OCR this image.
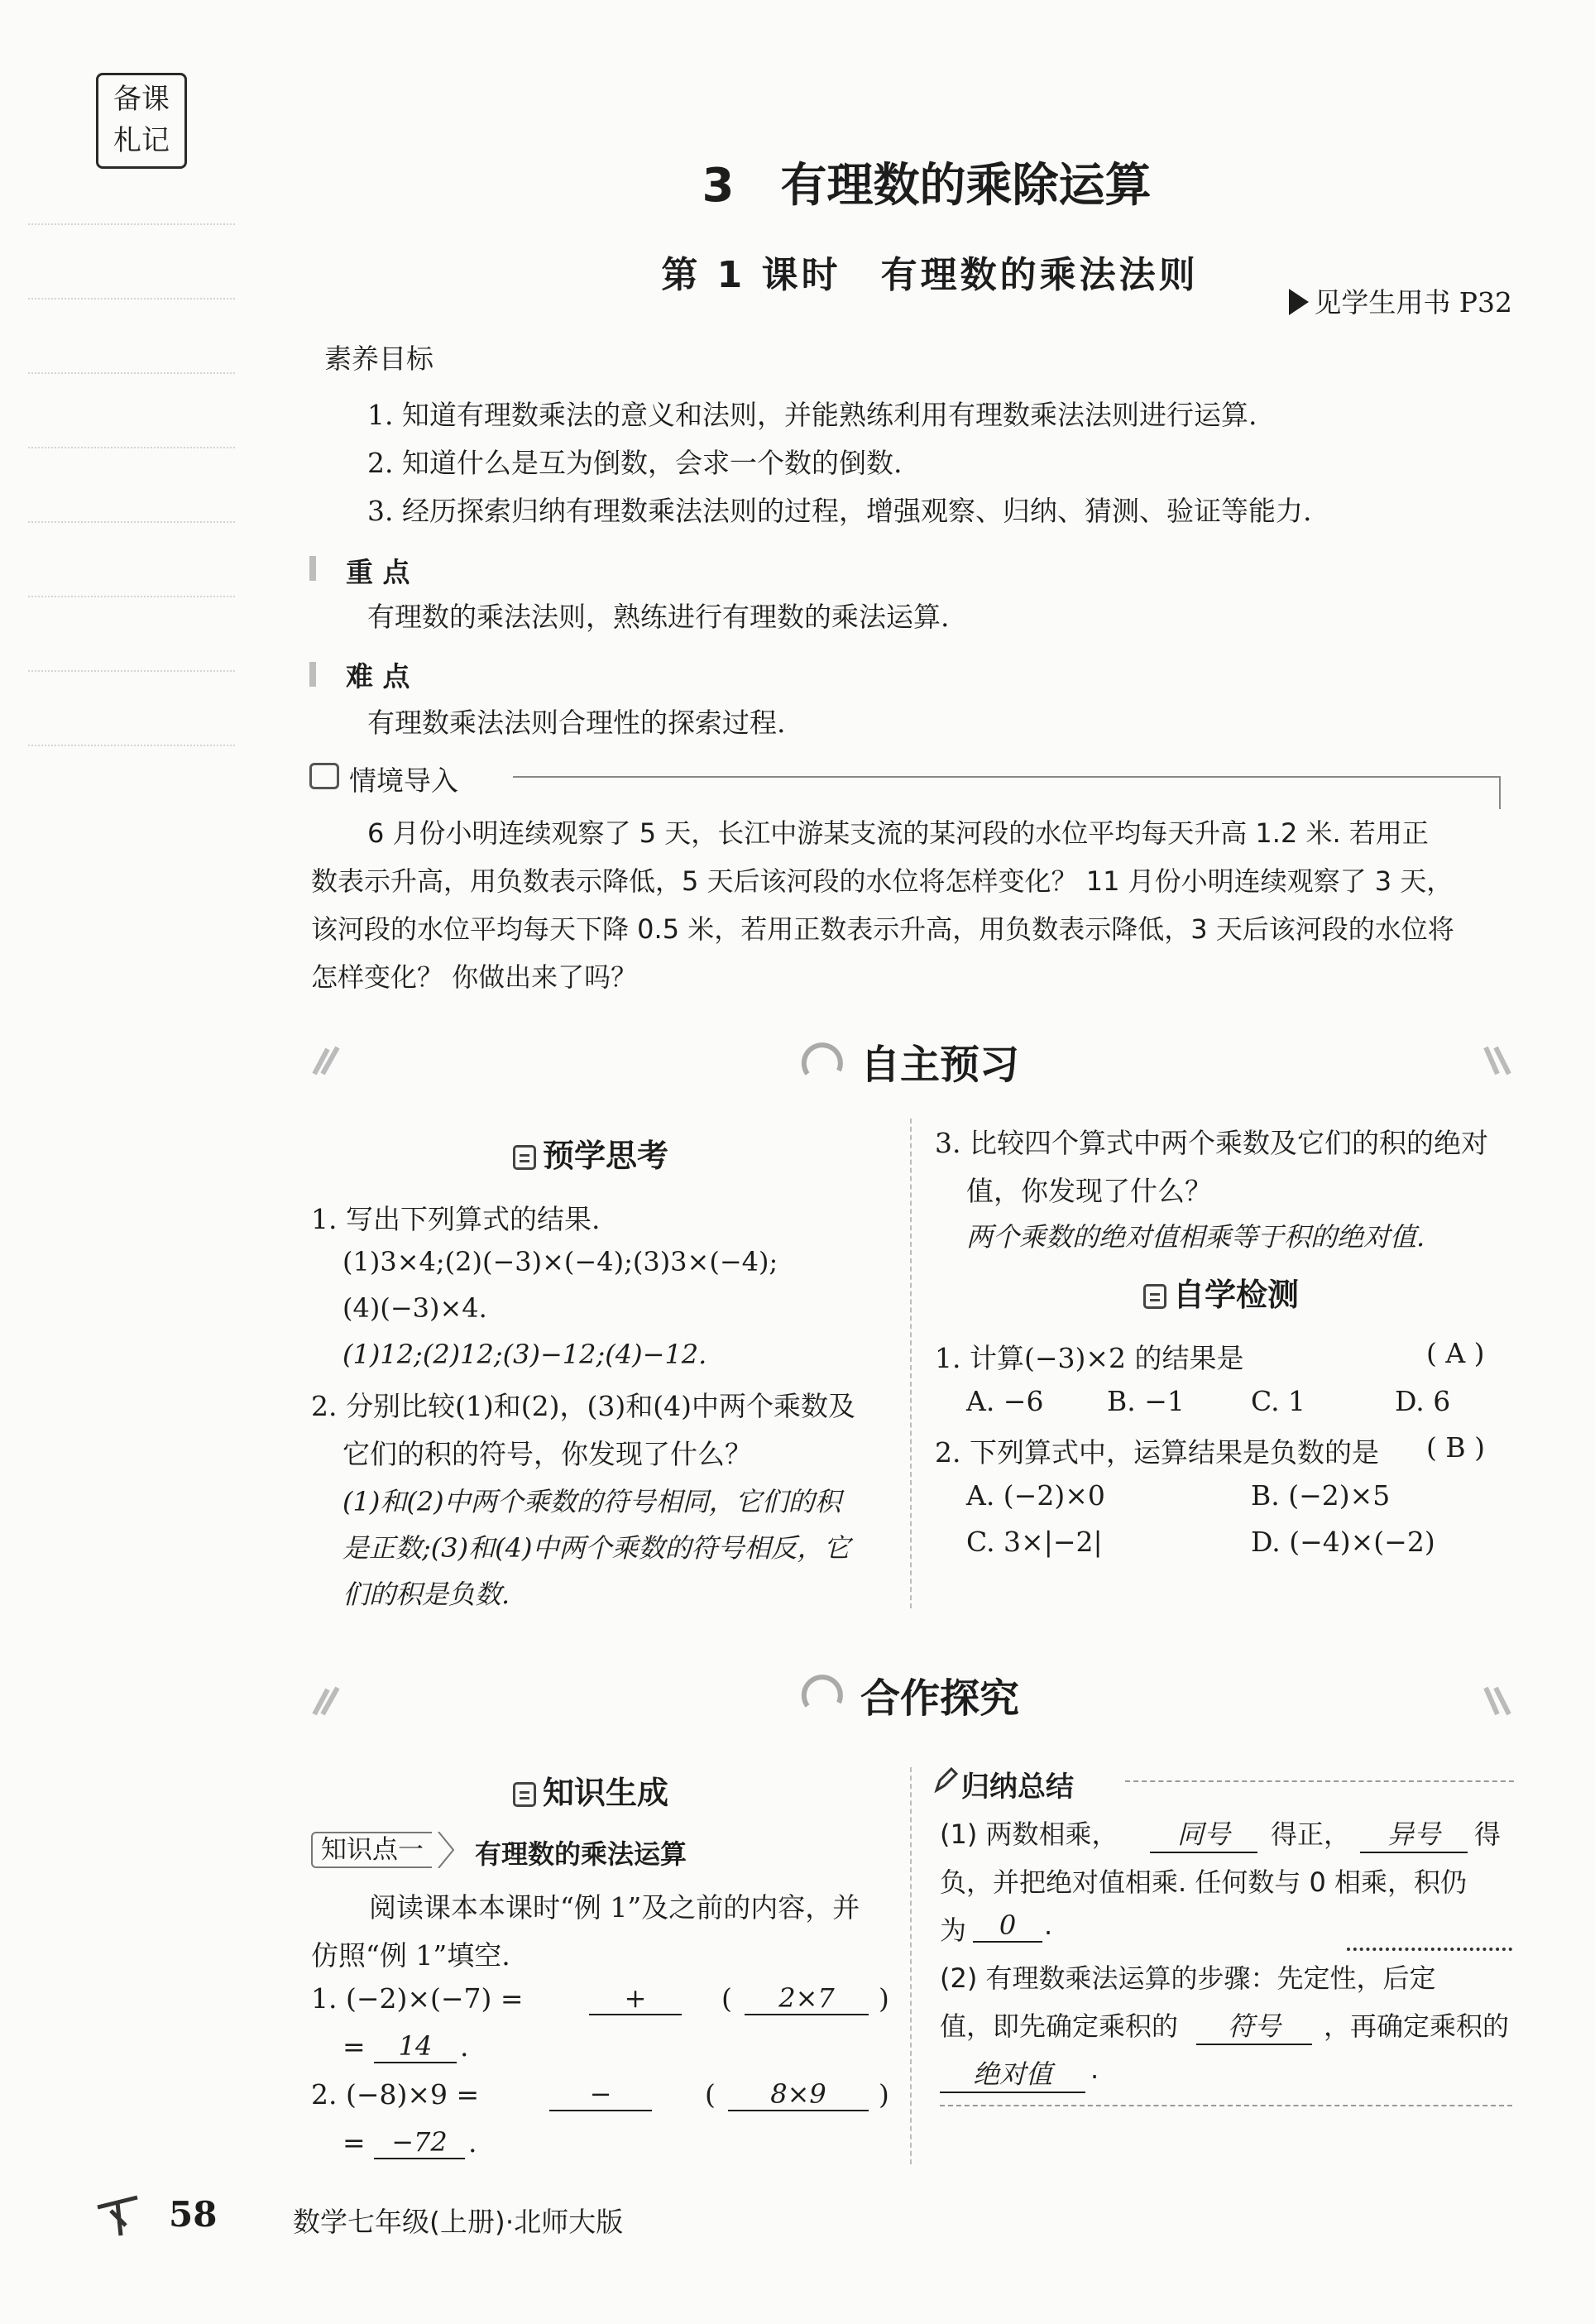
备课
札记
3　有理数的乘除运算
第 1 课时　有理数的乘法法则
见学生用书 P32
素养目标
1. 知道有理数乘法的意义和法则，并能熟练利用有理数乘法法则进行运算.
2. 知道什么是互为倒数，会求一个数的倒数.
3. 经历探索归纳有理数乘法法则的过程，增强观察、归纳、猜测、验证等能力.
重 点
有理数的乘法法则，熟练进行有理数的乘法运算.
难 点
有理数乘法法则合理性的探索过程.
情境导入
6 月份小明连续观察了 5 天，长江中游某支流的某河段的水位平均每天升高 1.2 米. 若用正
数表示升高，用负数表示降低，5 天后该河段的水位将怎样变化？ 11 月份小明连续观察了 3 天，
该河段的水位平均每天下降 0.5 米，若用正数表示升高，用负数表示降低，3 天后该河段的水位将
怎样变化？ 你做出来了吗？
自主预习
预学思考
1. 写出下列算式的结果.
(1)3×4;(2)(−3)×(−4);(3)3×(−4);
(4)(−3)×4.
(1)12;(2)12;(3)−12;(4)−12.
2. 分别比较(1)和(2)，(3)和(4)中两个乘数及
它们的积的符号，你发现了什么？
(1)和(2)中两个乘数的符号相同，它们的积
是正数;(3)和(4)中两个乘数的符号相反，它
们的积是负数.
3. 比较四个算式中两个乘数及它们的积的绝对
值，你发现了什么？
两个乘数的绝对值相乘等于积的绝对值.
自学检测
1. 计算(−3)×2 的结果是	( A )
A. −6 B. −1 C. 1	D. 6
2. 下列算式中，运算结果是负数的是 ( B )
A. (−2)×0	B. (−2)×5
C. 3×|−2|	D. (−4)×(−2)
合作探究
知识生成
知识点一	有理数的乘法运算
阅读课本本课时“例 1”及之前的内容，并
仿照“例 1”填空.
1. (−2)×(−7) =	+	(	2×7	)
=	14	.
2. (−8)×9 =	−	(	8×9	)
= −72 .
归纳总结
(1) 两数相乘，	同号	得正，	异号	得
负，并把绝对值相乘. 任何数与 0 相乘，积仍
为	0	.
(2) 有理数乘法运算的步骤：先定性，后定
值，即先确定乘积的	符号	，再确定乘积的
绝对值	.
58	数学七年级(上册)·北师大版
